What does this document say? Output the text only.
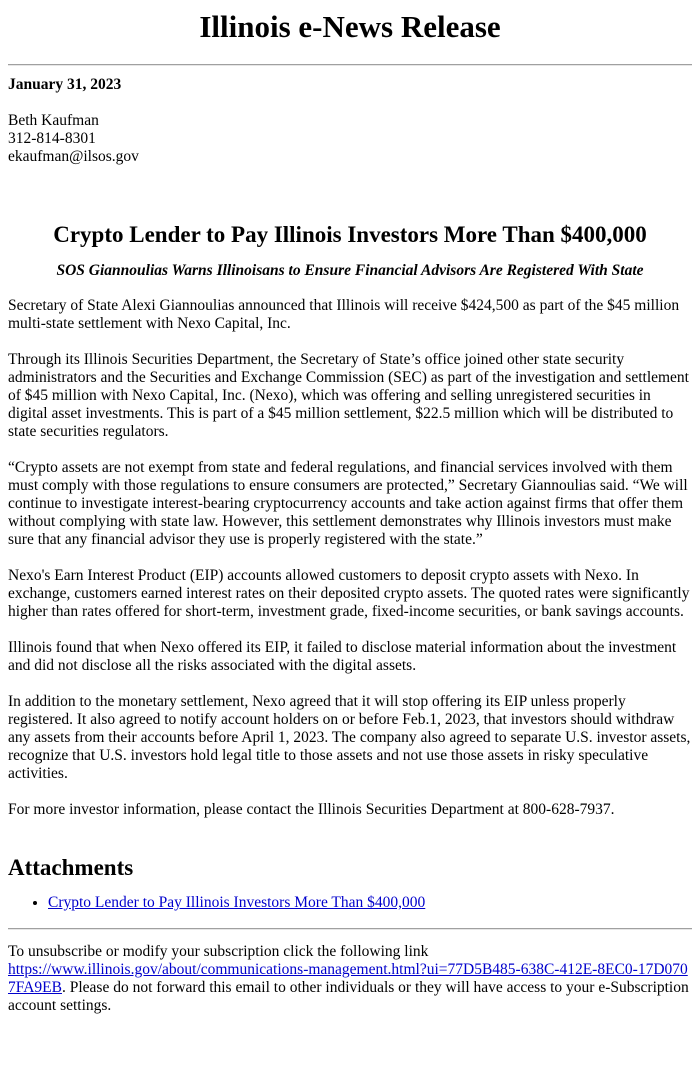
Illinois e-News Release
January 31, 2023
Beth Kaufman
312-814-8301
ekaufman@ilsos.gov
Crypto Lender to Pay Illinois Investors More Than $400,000
SOS Giannoulias Warns Illinoisans to Ensure Financial Advisors Are Registered With State

Secretary of State Alexi Giannoulias announced that Illinois will receive $424,500 as part of the $45 million multi-state settlement with Nexo Capital, Inc.

Through its Illinois Securities Department, the Secretary of State’s office joined other state security administrators and the Securities and Exchange Commission (SEC) as part of the investigation and settlement of $45 million with Nexo Capital, Inc. (Nexo), which was offering and selling unregistered securities in digital asset investments. This is part of a $45 million settlement, $22.5 million which will be distributed to state securities regulators.

“Crypto assets are not exempt from state and federal regulations, and financial services involved with them must comply with those regulations to ensure consumers are protected,” Secretary Giannoulias said. “We will continue to investigate interest-bearing cryptocurrency accounts and take action against firms that offer them without complying with state law. However, this settlement demonstrates why Illinois investors must make sure that any financial advisor they use is properly registered with the state.”

Nexo's Earn Interest Product (EIP) accounts allowed customers to deposit crypto assets with Nexo. In exchange, customers earned interest rates on their deposited crypto assets. The quoted rates were significantly higher than rates offered for short-term, investment grade, fixed-income securities, or bank savings accounts.

Illinois found that when Nexo offered its EIP, it failed to disclose material information about the investment and did not disclose all the risks associated with the digital assets.

In addition to the monetary settlement, Nexo agreed that it will stop offering its EIP unless properly registered. It also agreed to notify account holders on or before Feb.1, 2023, that investors should withdraw any assets from their accounts before April 1, 2023. The company also agreed to separate U.S. investor assets, recognize that U.S. investors hold legal title to those assets and not use those assets in risky speculative activities.

For more investor information, please contact the Illinois Securities Department at 800-628-7937.

Attachments
• Crypto Lender to Pay Illinois Investors More Than $400,000
To unsubscribe or modify your subscription click the following link
https://www.illinois.gov/about/communications-management.html?ui=77D5B485-638C-412E-8EC0-17D0707FA9EB. Please do not forward this email to other individuals or they will have access to your e-Subscription account settings.
